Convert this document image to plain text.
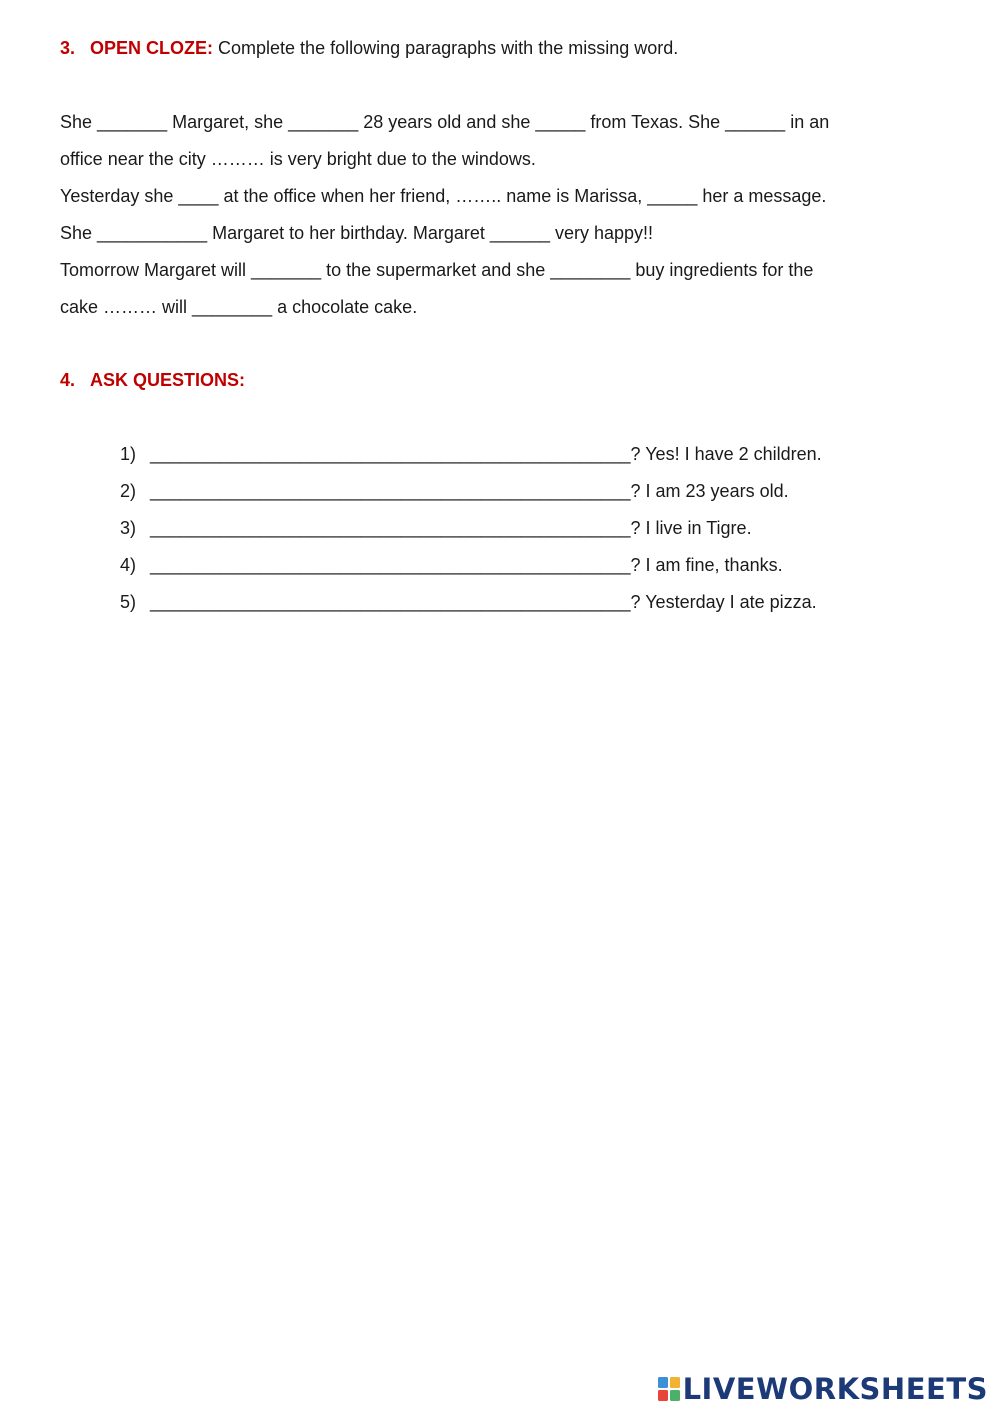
3. OPEN CLOZE: Complete the following paragraphs with the missing word.
She _______ Margaret, she _______ 28 years old and she _____ from Texas. She ______ in an
office near the city ……… is very bright due to the windows.
Yesterday she ____ at the office when her friend, …….. name is Marissa, _____ her a message.
She ___________ Margaret to her birthday. Margaret ______ very happy!!
Tomorrow Margaret will _______ to the supermarket and she ________ buy ingredients for the
cake ……… will ________ a chocolate cake.
4. ASK QUESTIONS:
1) ________________________________________________? Yes! I have 2 children.
2) ________________________________________________? I am 23 years old.
3) ________________________________________________? I live in Tigre.
4) ________________________________________________? I am fine, thanks.
5) ________________________________________________? Yesterday I ate pizza.
LIVEWORKSHEETS
